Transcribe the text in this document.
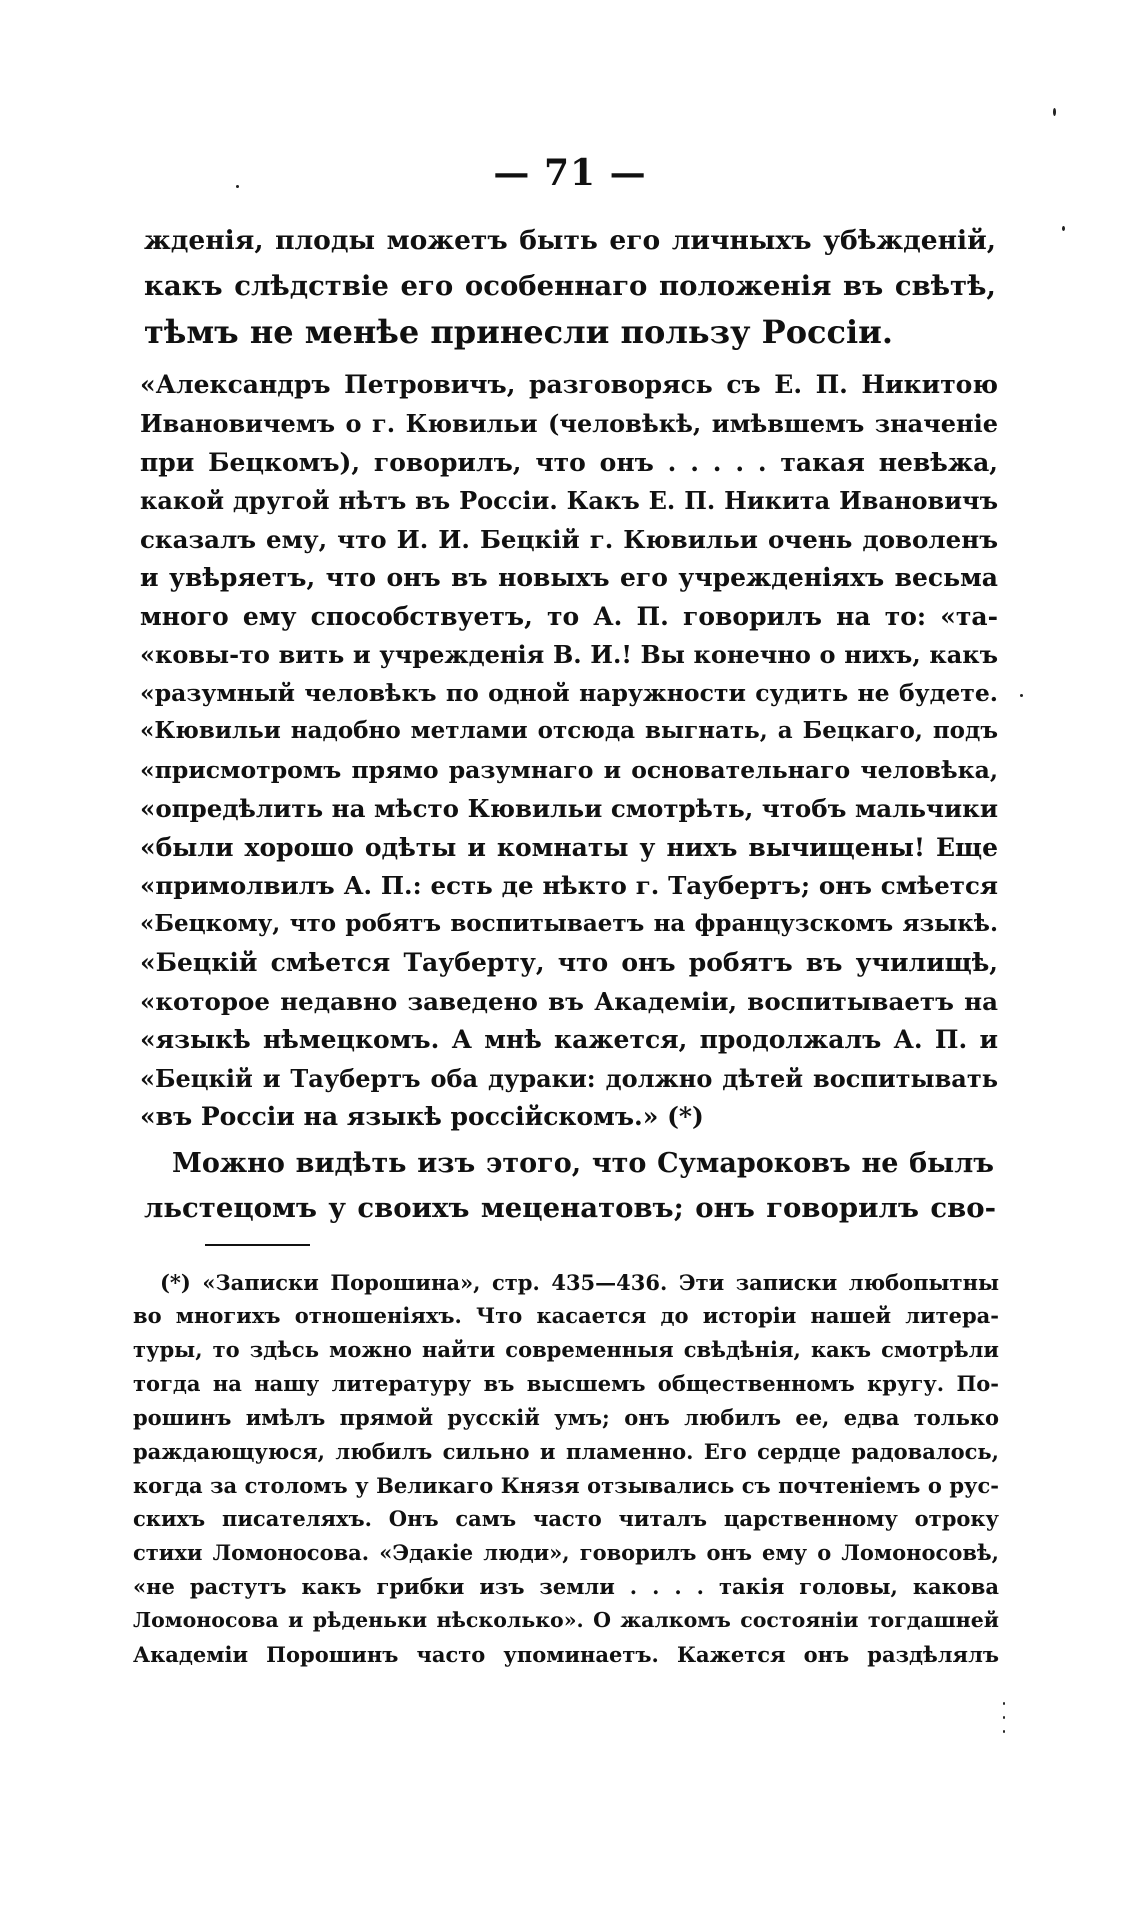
— 71 —
жденія, плоды можетъ быть его личныхъ убѣжденій,
какъ слѣдствіе его особеннаго положенія въ свѣтѣ,
тѣмъ не менѣе принесли пользу Россіи.
«Александръ Петровичъ, разговорясь съ Е. П. Никитою
Ивановичемъ о г. Кювильи (человѣкѣ, имѣвшемъ значеніе
при Бецкомъ), говорилъ, что онъ . . . . . такая невѣжа,
какой другой нѣтъ въ Россіи. Какъ Е. П. Никита Ивановичъ
сказалъ ему, что И. И. Бецкій г. Кювильи очень доволенъ
и увѣряетъ, что онъ въ новыхъ его учрежденіяхъ весьма
много ему способствуетъ, то А. П. говорилъ на то: «та-
«ковы-то вить и учрежденія В. И.! Вы конечно о нихъ, какъ
«разумный человѣкъ по одной наружности судить не будете.
«Кювильи надобно метлами отсюда выгнать, а Бецкаго, подъ
«присмотромъ прямо разумнаго и основательнаго человѣка,
«опредѣлить на мѣсто Кювильи смотрѣть, чтобъ мальчики
«были хорошо одѣты и комнаты у нихъ вычищены! Еще
«примолвилъ А. П.: есть де нѣкто г. Таубертъ; онъ смѣется
«Бецкому, что робятъ воспитываетъ на французскомъ языкѣ.
«Бецкій смѣется Тауберту, что онъ робятъ въ училищѣ,
«которое недавно заведено въ Академіи, воспитываетъ на
«языкѣ нѣмецкомъ. А мнѣ кажется, продолжалъ А. П. и
«Бецкій и Таубертъ оба дураки: должно дѣтей воспитывать
«въ Россіи на языкѣ россійскомъ.» (*)
Можно видѣть изъ этого, что Сумароковъ не былъ
льстецомъ у своихъ меценатовъ; онъ говорилъ сво-
(*) «Записки Порошина», стр. 435—436. Эти записки любопытны
во многихъ отношеніяхъ. Что касается до исторіи нашей литера-
туры, то здѣсь можно найти современныя свѣдѣнія, какъ смотрѣли
тогда на нашу литературу въ высшемъ общественномъ кругу. По-
рошинъ имѣлъ прямой русскій умъ; онъ любилъ ее, едва только
раждающуюся, любилъ сильно и пламенно. Его сердце радовалось,
когда за столомъ у Великаго Князя отзывались съ почтеніемъ о рус-
скихъ писателяхъ. Онъ самъ часто читалъ царственному отроку
стихи Ломоносова. «Эдакіе люди», говорилъ онъ ему о Ломоносовѣ,
«не растутъ какъ грибки изъ земли . . . . такія головы, какова
Ломоносова и рѣденьки нѣсколько». О жалкомъ состояніи тогдашней
Академіи Порошинъ часто упоминаетъ. Кажется онъ раздѣлялъ
